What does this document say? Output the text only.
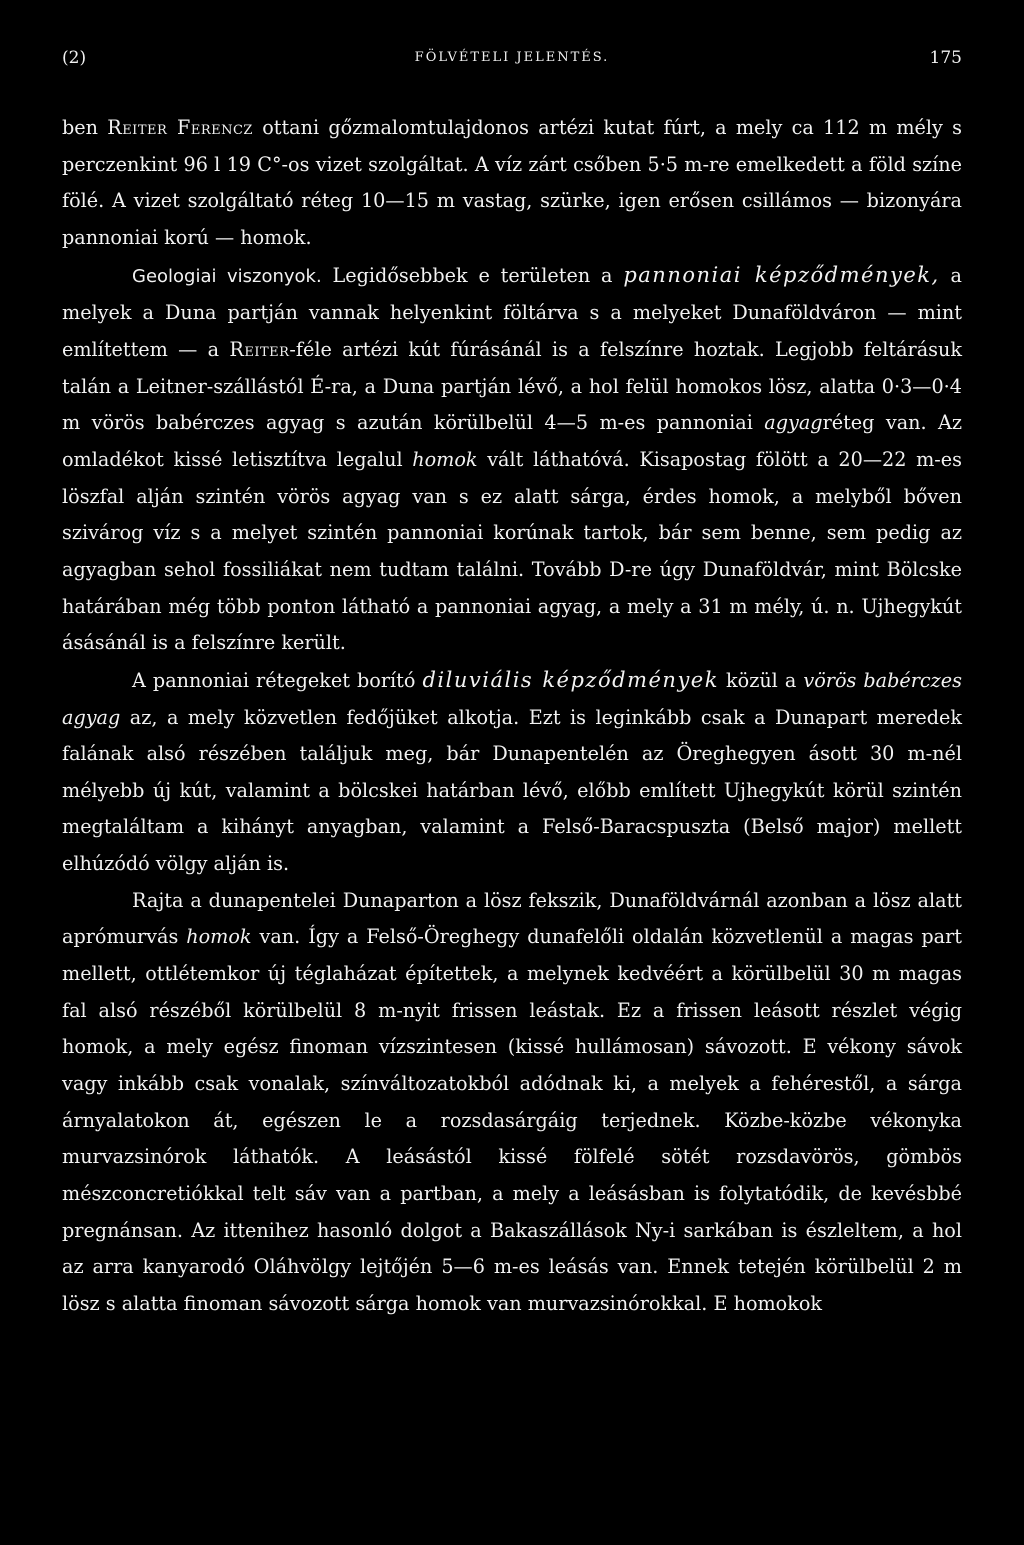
(2)	FÖLVÉTELI JELENTÉS.	175

ben Reiter Ferencz ottani gőzmalomtulajdonos artézi kutat fúrt, a mely ca 112 m mély s perczenkint 96 l 19 C°-os vizet szolgáltat. A víz zárt csőben 5·5 m-re emelkedett a föld színe fölé. A vizet szolgáltató réteg 10—15 m vastag, szürke, igen erősen csillámos — bizonyára pannoniai korú — homok.

Geologiai viszonyok. Legidősebbek e területen a pannoniai képződmények, a melyek a Duna partján vannak helyenkint föltárva s a melyeket Dunaföldváron — mint említettem — a Reiter-féle artézi kút fúrásánál is a felszínre hoztak. Legjobb feltárásuk talán a Leitner-szállástól É-ra, a Duna partján lévő, a hol felül homokos lösz, alatta 0·3—0·4 m vörös babérczes agyag s azután körülbelül 4—5 m-es pannoniai agyagréteg van. Az omladékot kissé letisztítva legalul homok vált láthatóvá. Kisapostag fölött a 20—22 m-es löszfal alján szintén vörös agyag van s ez alatt sárga, érdes homok, a melyből bőven szivárog víz s a melyet szintén pannoniai korúnak tartok, bár sem benne, sem pedig az agyagban sehol fossiliákat nem tudtam találni. Tovább D-re úgy Dunaföldvár, mint Bölcske határában még több ponton látható a pannoniai agyag, a mely a 31 m mély, ú. n. Ujhegykút ásásánál is a felszínre került.

A pannoniai rétegeket borító diluviális képződmények közül a vörös babérczes agyag az, a mely közvetlen fedőjüket alkotja. Ezt is leginkább csak a Dunapart meredek falának alsó részében találjuk meg, bár Dunapentelén az Öreghegyen ásott 30 m-nél mélyebb új kút, valamint a bölcskei határban lévő, előbb említett Ujhegykút körül szintén megtaláltam a kihányt anyagban, valamint a Felső-Baracspuszta (Belső major) mellett elhúzódó völgy alján is.

Rajta a dunapentelei Dunaparton a lösz fekszik, Dunaföldvárnál azonban a lösz alatt aprómurvás homok van. Így a Felső-Öreghegy dunafelőli oldalán közvetlenül a magas part mellett, ottlétemkor új téglaházat építettek, a melynek kedvéért a körülbelül 30 m magas fal alsó részéből körülbelül 8 m-nyit frissen leástak. Ez a frissen leásott részlet végig homok, a mely egész finoman vízszintesen (kissé hullámosan) sávozott. E vékony sávok vagy inkább csak vonalak, színváltozatokból adódnak ki, a melyek a fehérestől, a sárga árnyalatokon át, egészen le a rozsdasárgáig terjednek. Közbe-közbe vékonyka murvazsinórok láthatók. A leásástól kissé fölfelé sötét rozsdavörös, gömbös mészconcretiókkal telt sáv van a partban, a mely a leásásban is folytatódik, de kevésbbé pregnánsan. Az ittenihez hasonló dolgot a Bakaszállások Ny-i sarkában is észleltem, a hol az arra kanyarodó Oláhvölgy lejtőjén 5—6 m-es leásás van. Ennek tetején körülbelül 2 m lösz s alatta finoman sávozott sárga homok van murvazsinórokkal. E homokok
